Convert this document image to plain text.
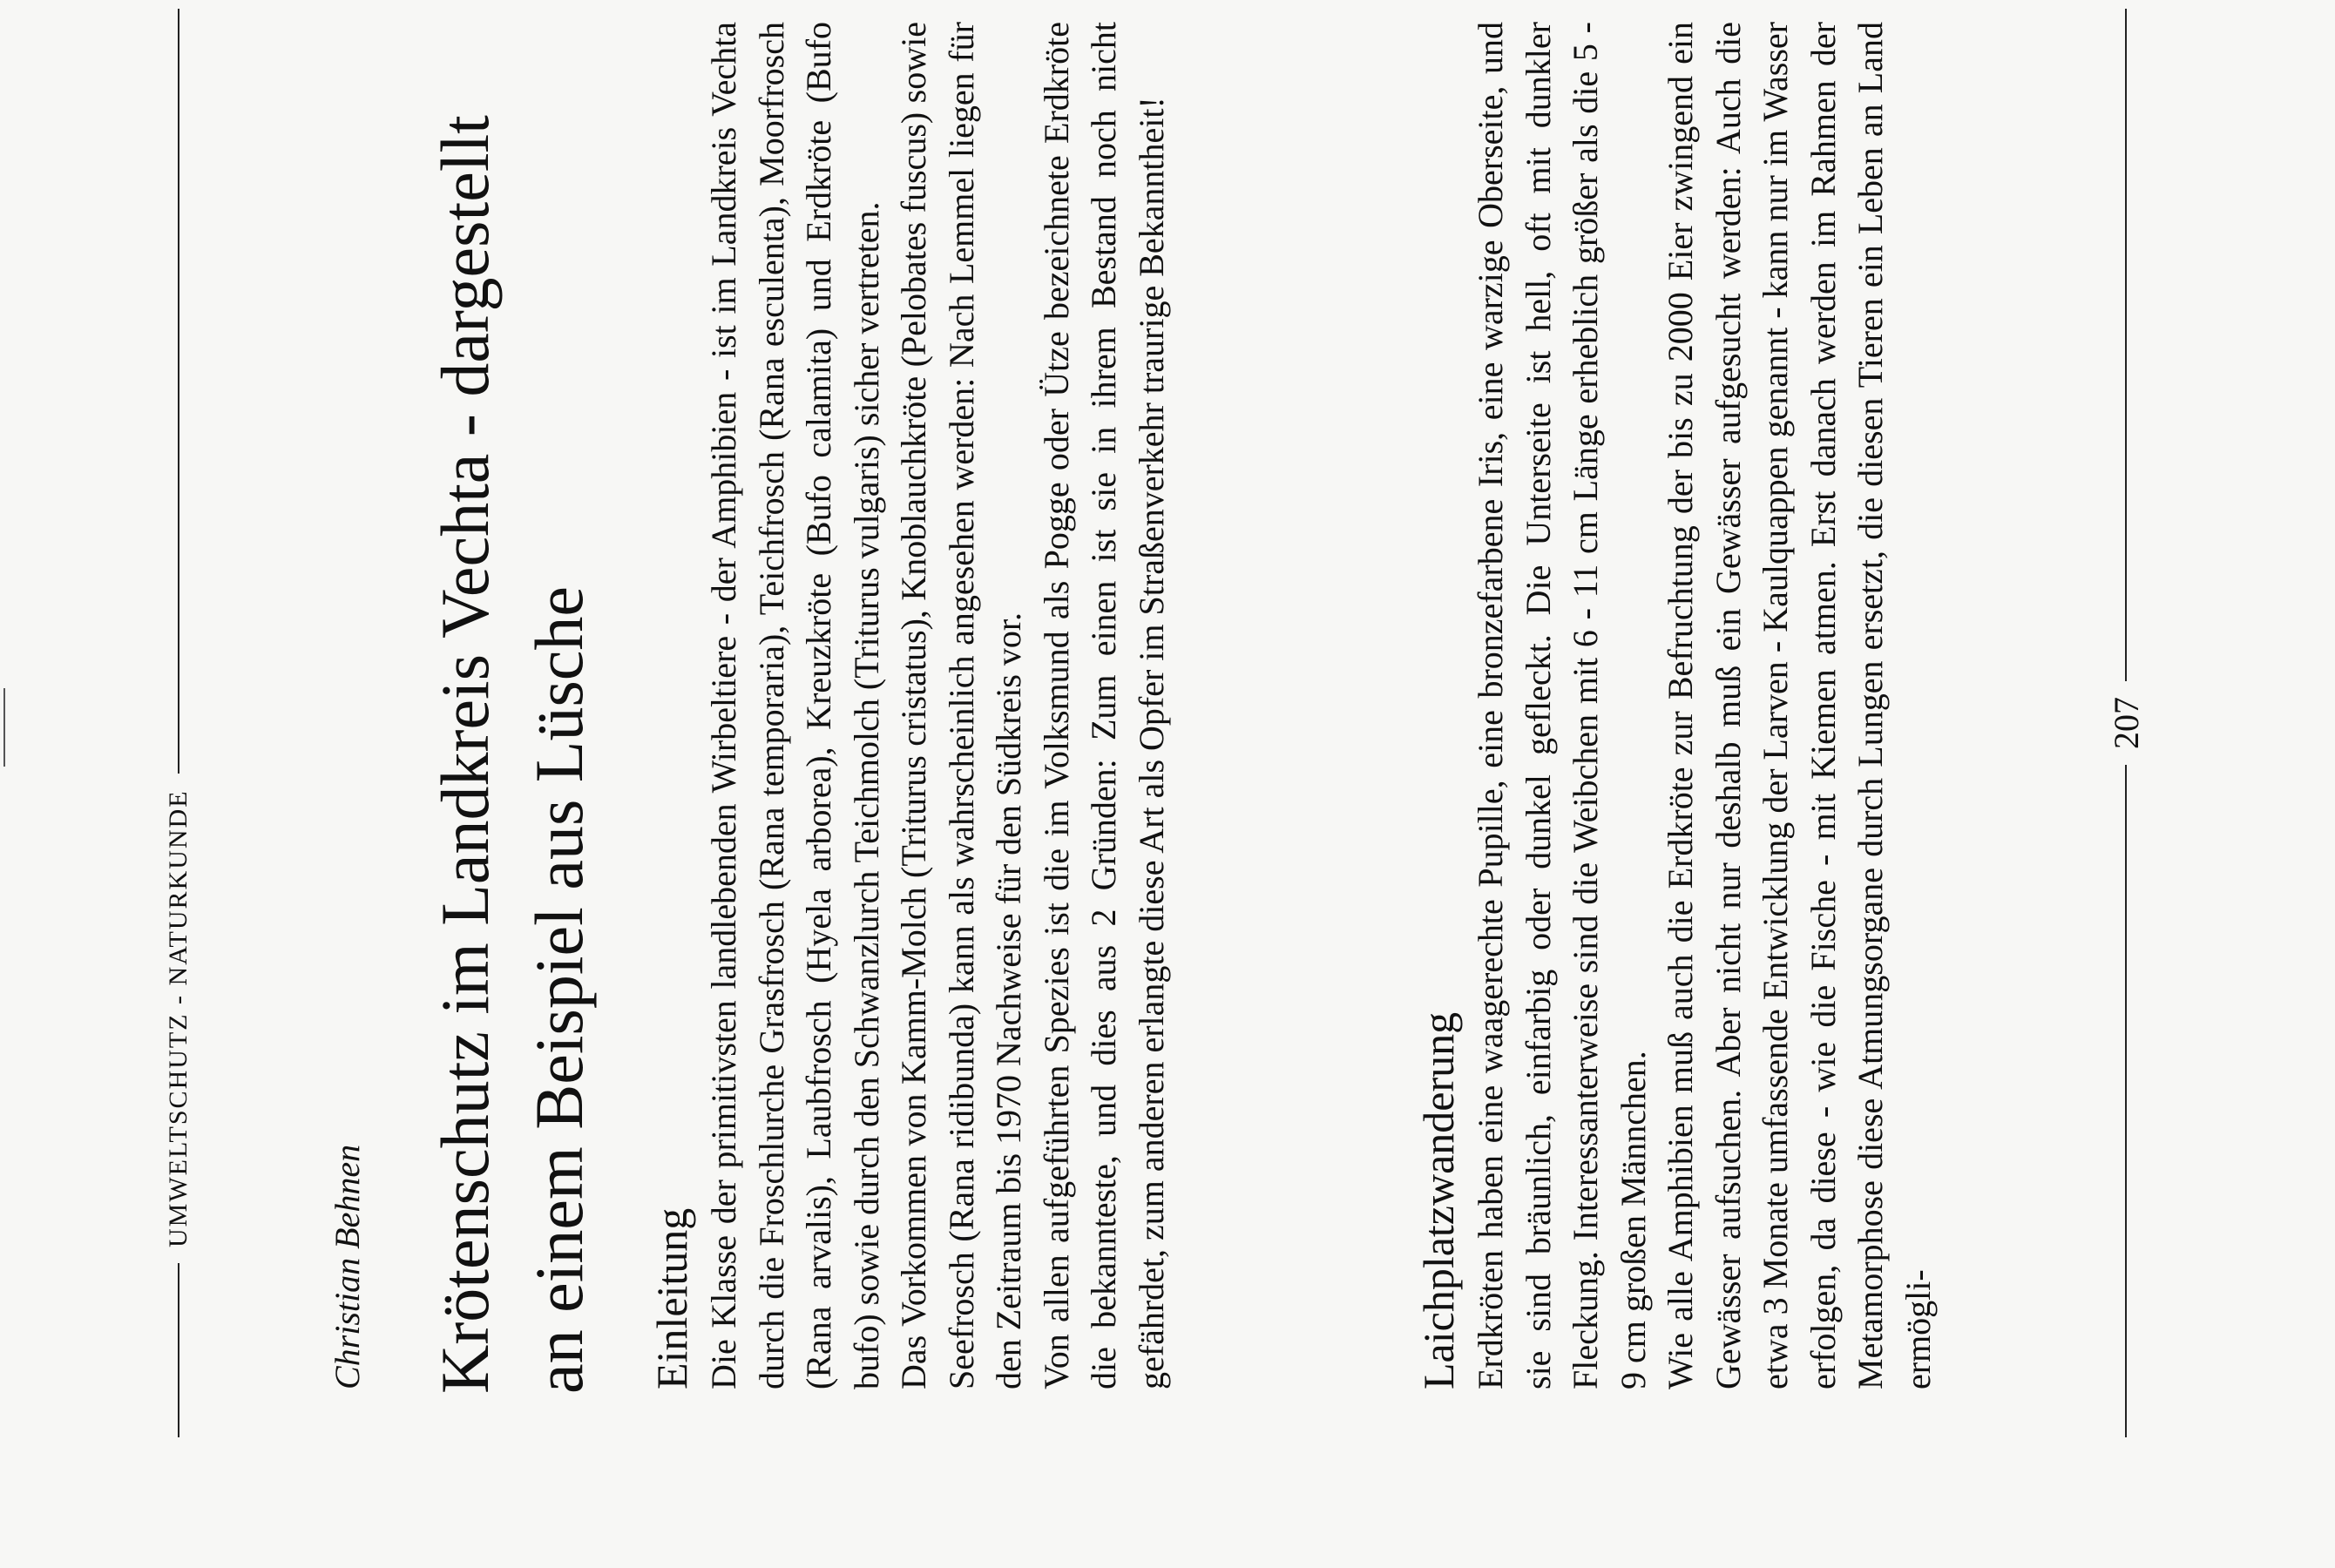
UMWELTSCHUTZ - NATURKUNDE
Christian Behnen Krötenschutz im Landkreis Vechta - dargestellt an einem Beispiel aus Lüsche Einleitung Die Klasse der primitivsten landlebenden Wirbeltiere - der Amphibien - ist im Landkreis Vechta durch die Froschlurche Grasfrosch (Rana temporaria), Teichfrosch (Rana esculenta), Moorfrosch (Rana arvalis), Laubfrosch (Hyela arborea), Kreuzkröte (Bufo calamita) und Erdkröte (Bufo bufo) sowie durch den Schwanzlurch Teichmolch (Triturus vulgaris) sicher vertreten. Das Vorkommen von Kamm-Molch (Triturus cristatus), Knoblauchkröte (Pelobates fuscus) sowie Seefrosch (Rana ridibunda) kann als wahrscheinlich angesehen werden: Nach Lemmel liegen für den Zeitraum bis 1970 Nachweise für den Südkreis vor. Von allen aufgeführten Spezies ist die im Volksmund als Pogge oder Ütze bezeichnete Erdkröte die bekannteste, und dies aus 2 Gründen: Zum einen ist sie in ihrem Bestand noch nicht gefährdet, zum anderen erlangte diese Art als Opfer im Straßenverkehr traurige Bekanntheit!	Laichplatzwanderung Erdkröten haben eine waagerechte Pupille, eine bronzefarbene Iris, eine warzige Oberseite, und sie sind bräunlich, einfarbig oder dunkel gefleckt. Die Unterseite ist hell, oft mit dunkler Fleckung. Interessanterweise sind die Weibchen mit 6 - 11 cm Länge erheblich größer als die 5 - 9 cm großen Männchen. Wie alle Amphibien muß auch die Erdkröte zur Befruchtung der bis zu 2000 Eier zwingend ein Gewässer aufsuchen. Aber nicht nur deshalb muß ein Gewässer aufgesucht werden: Auch die etwa 3 Monate umfassende Entwicklung der Larven - Kaulquappen genannt - kann nur im Wasser erfolgen, da diese - wie die Fische - mit Kiemen atmen. Erst danach werden im Rahmen der Metamorphose diese Atmungsorgane durch Lungen ersetzt, die diesen Tieren ein Leben an Land ermögli-

207
